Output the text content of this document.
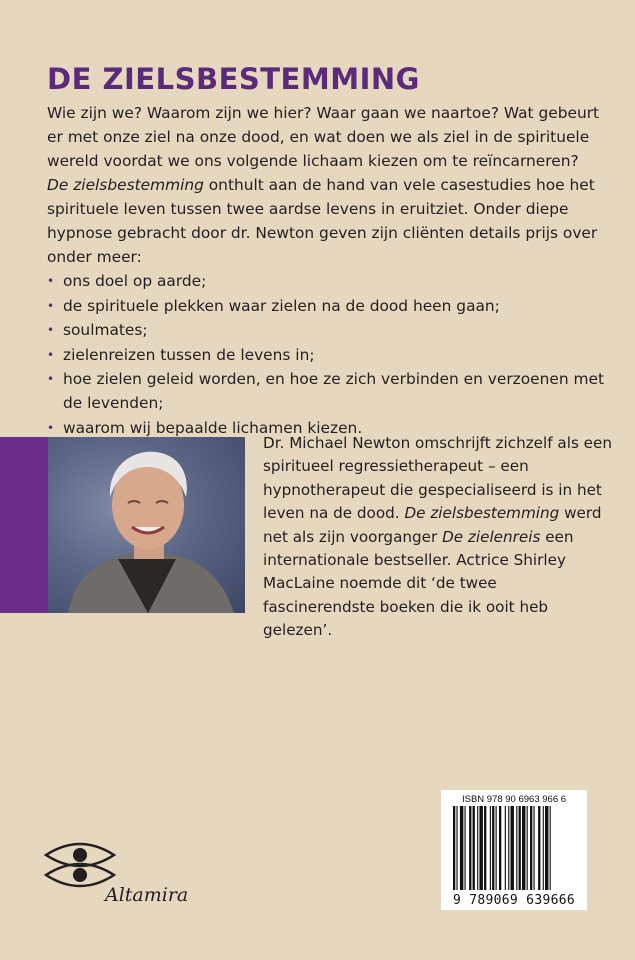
DE ZIELSBESTEMMING

Wie zijn we? Waarom zijn we hier? Waar gaan we naartoe? Wat gebeurt er met onze ziel na onze dood, en wat doen we als ziel in de spirituele wereld voordat we ons volgende lichaam kiezen om te reïncarneren?

De zielsbestemming onthult aan de hand van vele casestudies hoe het spirituele leven tussen twee aardse levens in eruitziet. Onder diepe hypnose gebracht door dr. Newton geven zijn cliënten details prijs over onder meer:

• ons doel op aarde;
• de spirituele plekken waar zielen na de dood heen gaan;
• soulmates;
• zielenreizen tussen de levens in;
• hoe zielen geleid worden, en hoe ze zich verbinden en verzoenen met de levenden;
• waarom wij bepaalde lichamen kiezen.

Dr. Michael Newton omschrijft zichzelf als een spiritueel regressietherapeut – een hypnotherapeut die gespecialiseerd is in het leven na de dood. De zielsbestemming werd net als zijn voorganger De zielenreis een internationale bestseller. Actrice Shirley MacLaine noemde dit ‘de twee fascinerendste boeken die ik ooit heb gelezen’.

ISBN 978 90 6963 966 6
9 789069 639666
Altamira
